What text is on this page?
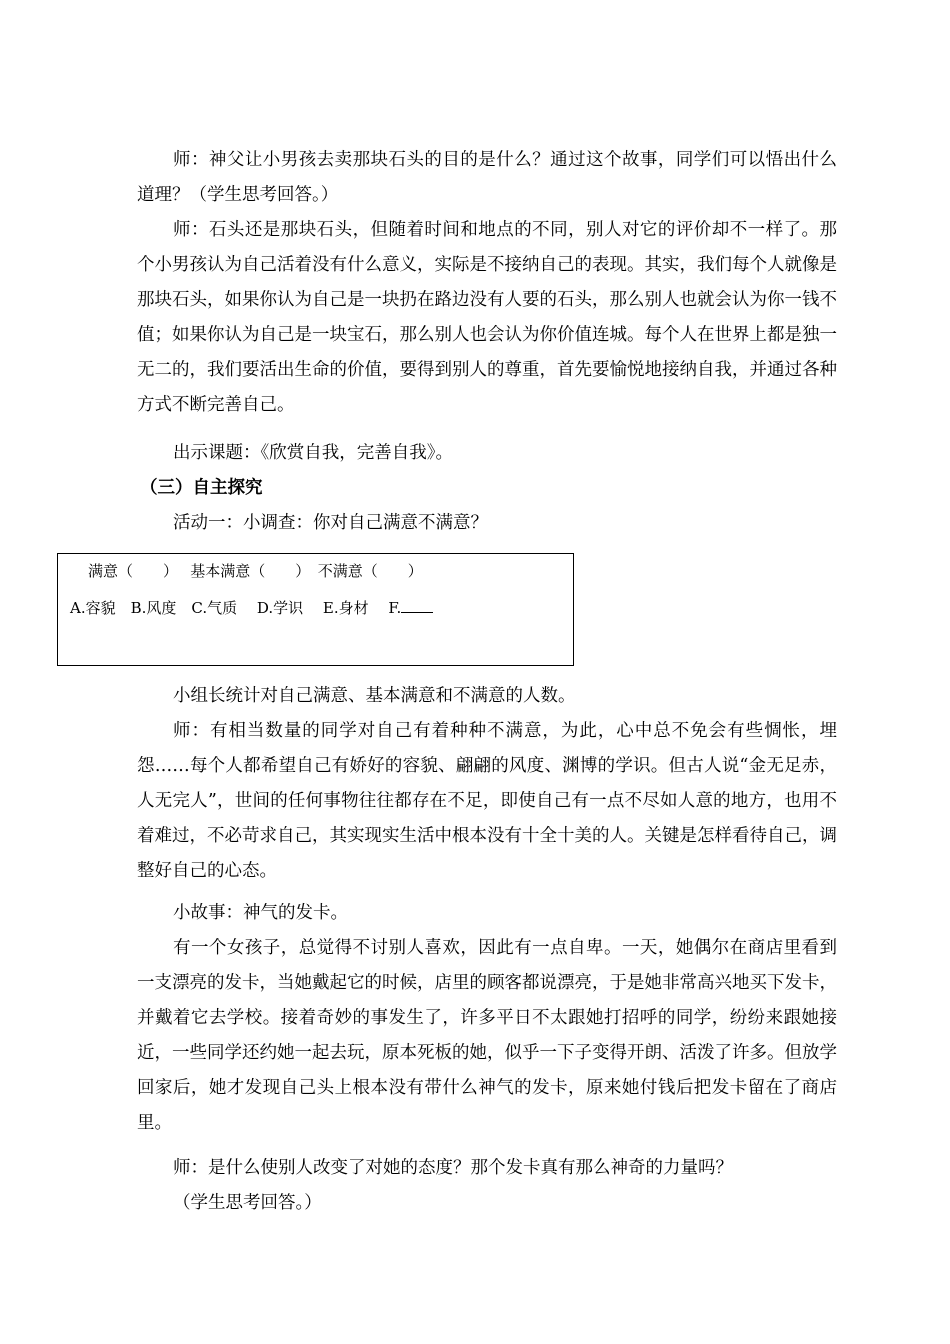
师：神父让小男孩去卖那块石头的目的是什么？通过这个故事，同学们可以悟出什么道理？（学生思考回答。）

师：石头还是那块石头，但随着时间和地点的不同，别人对它的评价却不一样了。那个小男孩认为自己活着没有什么意义，实际是不接纳自己的表现。其实，我们每个人就像是那块石头，如果你认为自己是一块扔在路边没有人要的石头，那么别人也就会认为你一钱不值；如果你认为自己是一块宝石，那么别人也会认为你价值连城。每个人在世界上都是独一无二的，我们要活出生命的价值，要得到别人的尊重，首先要愉悦地接纳自我，并通过各种方式不断完善自己。

出示课题：《欣赏自我，完善自我》。

（三）自主探究

活动一：小调查：你对自己满意不满意？

满意（　　）　 基本满意（　　）　不满意（　　）
A.容貌　B.风度　C.气质　 D.学识　 E.身材　 F.

小组长统计对自己满意、基本满意和不满意的人数。

师：有相当数量的同学对自己有着种种不满意，为此，心中总不免会有些惆怅，埋怨……每个人都希望自己有娇好的容貌、翩翩的风度、渊博的学识。但古人说“金无足赤，人无完人”，世间的任何事物往往都存在不足，即使自己有一点不尽如人意的地方，也用不着难过，不必苛求自己，其实现实生活中根本没有十全十美的人。关键是怎样看待自己，调整好自己的心态。

小故事：神气的发卡。

有一个女孩子，总觉得不讨别人喜欢，因此有一点自卑。一天，她偶尔在商店里看到一支漂亮的发卡，当她戴起它的时候，店里的顾客都说漂亮，于是她非常高兴地买下发卡，并戴着它去学校。接着奇妙的事发生了，许多平日不太跟她打招呼的同学，纷纷来跟她接近，一些同学还约她一起去玩，原本死板的她，似乎一下子变得开朗、活泼了许多。但放学回家后，她才发现自己头上根本没有带什么神气的发卡，原来她付钱后把发卡留在了商店里。

师：是什么使别人改变了对她的态度？那个发卡真有那么神奇的力量吗？

（学生思考回答。）
